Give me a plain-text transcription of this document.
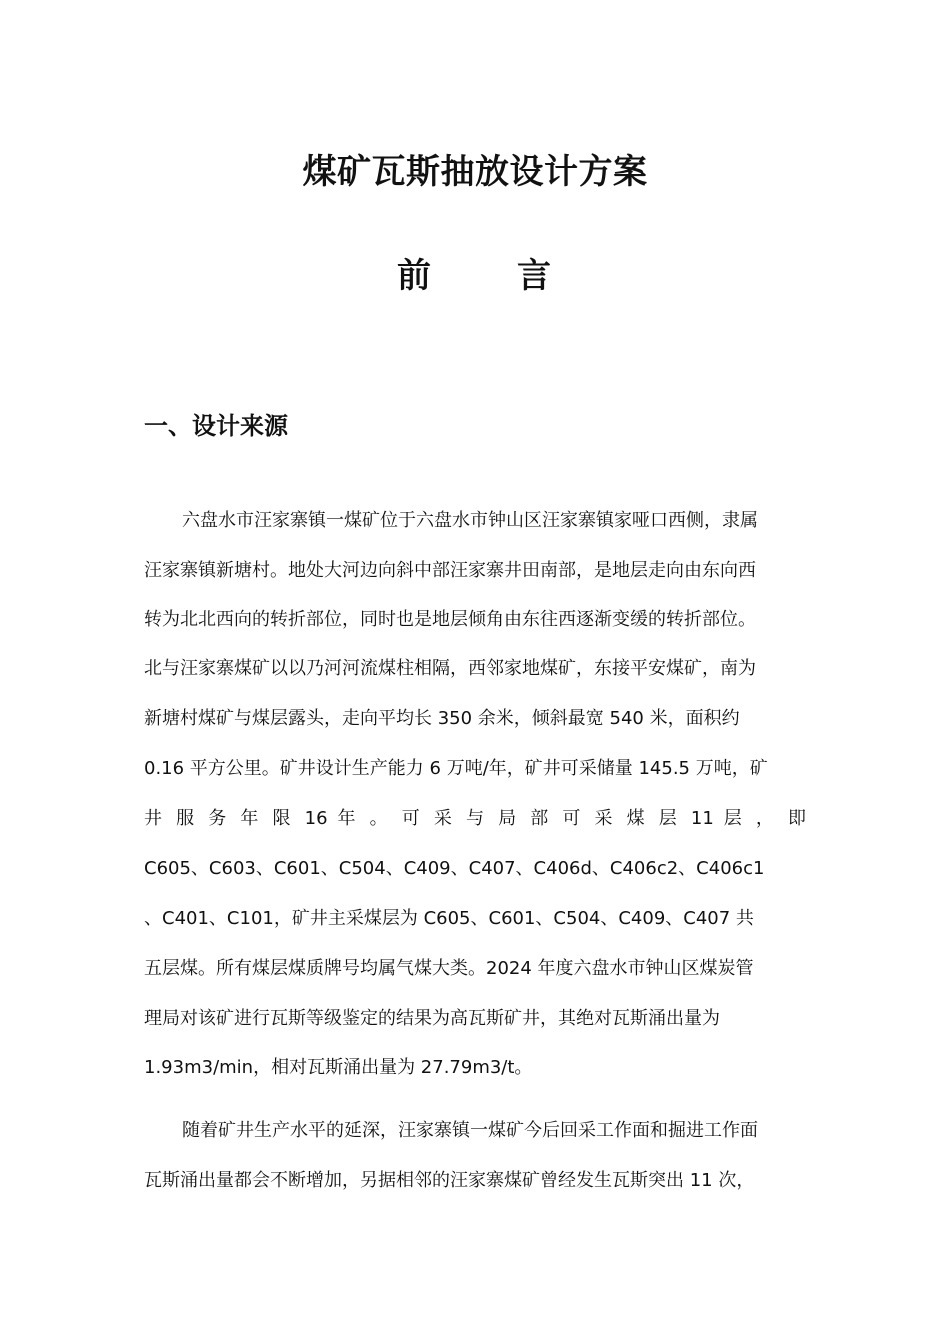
煤矿瓦斯抽放设计方案
前	言
一、设计来源
六盘水市汪家寨镇一煤矿位于六盘水市钟山区汪家寨镇家哑口西侧，隶属
汪家寨镇新塘村。地处大河边向斜中部汪家寨井田南部，是地层走向由东向西
转为北北西向的转折部位，同时也是地层倾角由东往西逐渐变缓的转折部位。
北与汪家寨煤矿以以乃河河流煤柱相隔，西邻家地煤矿，东接平安煤矿，南为
新塘村煤矿与煤层露头，走向平均长 350 余米，倾斜最宽 540 米，面积约
0.16 平方公里。矿井设计生产能力 6 万吨/年，矿井可采储量 145.5 万吨，矿
井 服 务 年 限 16 年 。 可 采 与 局 部 可 采 煤 层 11 层 ， 即
C605、C603、C601、C504、C409、C407、C406d、C406c2、C406c1
、C401、C101，矿井主采煤层为 C605、C601、C504、C409、C407 共
五层煤。所有煤层煤质牌号均属气煤大类。2024 年度六盘水市钟山区煤炭管
理局对该矿进行瓦斯等级鉴定的结果为高瓦斯矿井，其绝对瓦斯涌出量为
1.93m3/min，相对瓦斯涌出量为 27.79m3/t。
随着矿井生产水平的延深，汪家寨镇一煤矿今后回采工作面和掘进工作面
瓦斯涌出量都会不断增加，另据相邻的汪家寨煤矿曾经发生瓦斯突出 11 次，
